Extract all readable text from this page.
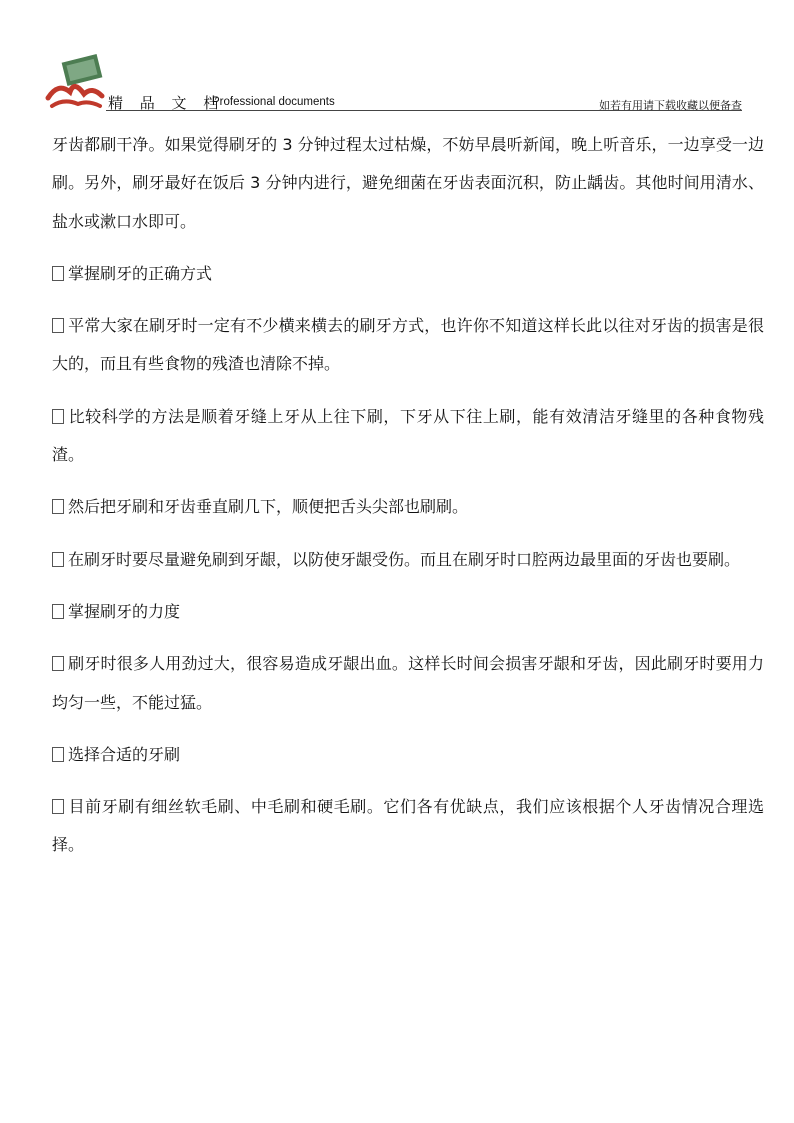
精 品 文 档
Professional documents	如若有用请下载收藏以便备查

牙齿都刷干净。如果觉得刷牙的 3 分钟过程太过枯燥，不妨早晨听新闻，晚上听音乐，一边享受一边刷。另外，刷牙最好在饭后 3 分钟内进行，避免细菌在牙齿表面沉积，防止龋齿。其他时间用清水、盐水或漱口水即可。

掌握刷牙的正确方式

平常大家在刷牙时一定有不少横来横去的刷牙方式，也许你不知道这样长此以往对牙齿的损害是很大的，而且有些食物的残渣也清除不掉。

比较科学的方法是顺着牙缝上牙从上往下刷，下牙从下往上刷，能有效清洁牙缝里的各种食物残渣。

然后把牙刷和牙齿垂直刷几下，顺便把舌头尖部也刷刷。

在刷牙时要尽量避免刷到牙龈，以防使牙龈受伤。而且在刷牙时口腔两边最里面的牙齿也要刷。

掌握刷牙的力度

刷牙时很多人用劲过大，很容易造成牙龈出血。这样长时间会损害牙龈和牙齿，因此刷牙时要用力均匀一些，不能过猛。

选择合适的牙刷

目前牙刷有细丝软毛刷、中毛刷和硬毛刷。它们各有优缺点，我们应该根据个人牙齿情况合理选择。
